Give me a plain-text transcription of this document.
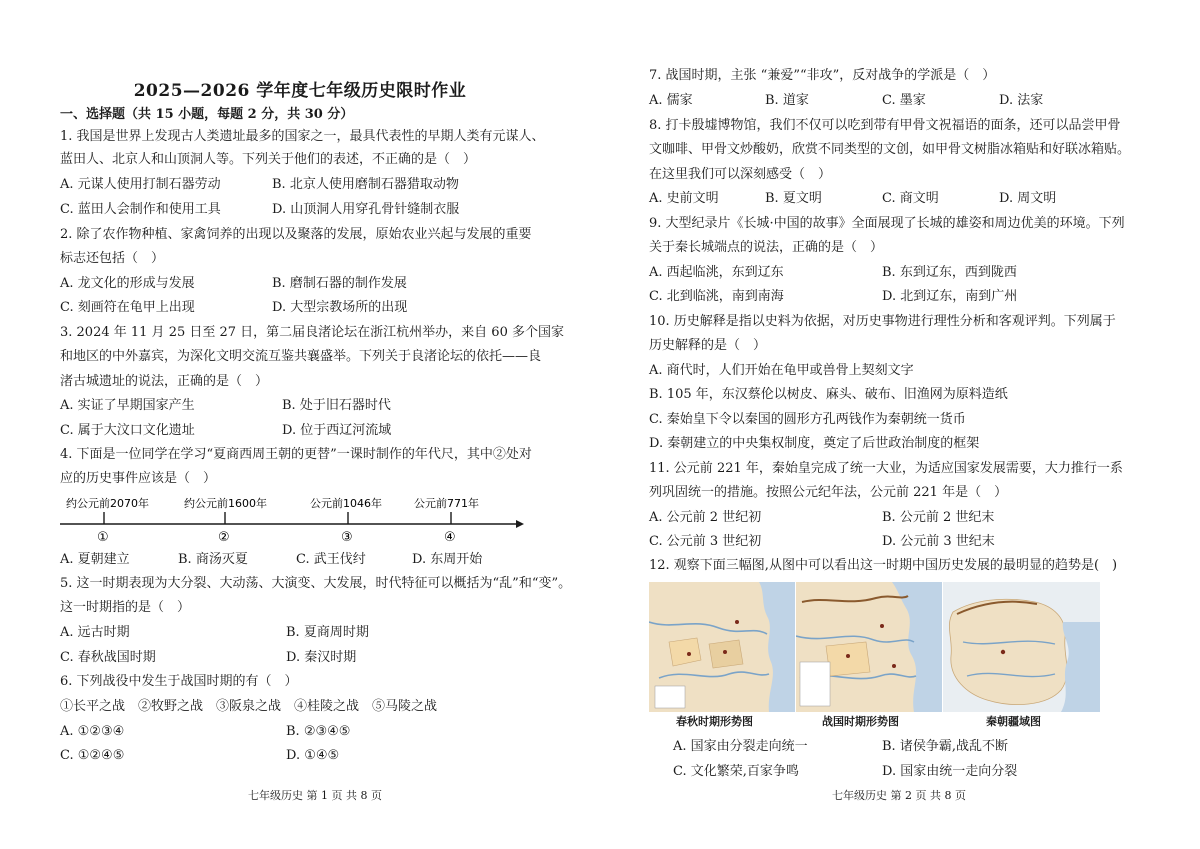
2025—2026 学年度七年级历史限时作业
一、选择题（共 15 小题，每题 2 分，共 30 分）
1. 我国是世界上发现古人类遗址最多的国家之一，最具代表性的早期人类有元谋人、
蓝田人、北京人和山顶洞人等。下列关于他们的表述，不正确的是（　）
A. 元谋人使用打制石器劳动	B. 北京人使用磨制石器猎取动物
C. 蓝田人会制作和使用工具	D. 山顶洞人用穿孔骨针缝制衣服
2. 除了农作物种植、家禽饲养的出现以及聚落的发展，原始农业兴起与发展的重要
标志还包括（　）
A. 龙文化的形成与发展	B. 磨制石器的制作发展
C. 刻画符在龟甲上出现	D. 大型宗教场所的出现
3. 2024 年 11 月 25 日至 27 日，第二届良渚论坛在浙江杭州举办，来自 60 多个国家
和地区的中外嘉宾，为深化文明交流互鉴共襄盛举。下列关于良渚论坛的依托——良
渚古城遗址的说法，正确的是（　）
A. 实证了早期国家产生	B. 处于旧石器时代
C. 属于大汶口文化遗址	D. 位于西辽河流域
4. 下面是一位同学在学习“夏商西周王朝的更替”一课时制作的年代尺，其中②处对
应的历史事件应该是（　）
约公元前2070年	约公元前1600年	公元前1046年	公元前771年
①	②	③	④
A. 夏朝建立	B. 商汤灭夏	C. 武王伐纣	D. 东周开始
5. 这一时期表现为大分裂、大动荡、大演变、大发展，时代特征可以概括为“乱”和“变”。
这一时期指的是（　）
A. 远古时期	B. 夏商周时期
C. 春秋战国时期	D. 秦汉时期
6. 下列战役中发生于战国时期的有（　）
①长平之战　②牧野之战　③阪泉之战　④桂陵之战　⑤马陵之战
A. ①②③④	B. ②③④⑤
C. ①②④⑤	D. ①④⑤
七年级历史 第 1 页 共 8 页
7. 战国时期，主张 “兼爱”“非攻”，反对战争的学派是（　）
A. 儒家	B. 道家	C. 墨家	D. 法家
8. 打卡殷墟博物馆，我们不仅可以吃到带有甲骨文祝福语的面条，还可以品尝甲骨
文咖啡、甲骨文炒酸奶，欣赏不同类型的文创，如甲骨文树脂冰箱贴和好联冰箱贴。
在这里我们可以深刻感受（　）
A. 史前文明	B. 夏文明	C. 商文明	D. 周文明
9. 大型纪录片《长城·中国的故事》全面展现了长城的雄姿和周边优美的环境。下列
关于秦长城端点的说法，正确的是（　）
A. 西起临洮，东到辽东	B. 东到辽东，西到陇西
C. 北到临洮，南到南海	D. 北到辽东，南到广州
10. 历史解释是指以史料为依据，对历史事物进行理性分析和客观评判。下列属于
历史解释的是（　）
A. 商代时，人们开始在龟甲或兽骨上契刻文字
B. 105 年，东汉蔡伦以树皮、麻头、破布、旧渔网为原料造纸
C. 秦始皇下令以秦国的圆形方孔两钱作为秦朝统一货币
D. 秦朝建立的中央集权制度，奠定了后世政治制度的框架
11. 公元前 221 年，秦始皇完成了统一大业，为适应国家发展需要，大力推行一系
列巩固统一的措施。按照公元纪年法，公元前 221 年是（　）
A. 公元前 2 世纪初	B. 公元前 2 世纪末
C. 公元前 3 世纪初	D. 公元前 3 世纪末
12. 观察下面三幅图,从图中可以看出这一时期中国历史发展的最明显的趋势是(　)
A. 国家由分裂走向统一	B. 诸侯争霸,战乱不断
C. 文化繁荣,百家争鸣	D. 国家由统一走向分裂
七年级历史 第 2 页 共 8 页
春秋时期形势图	战国时期形势图	秦朝疆域图
